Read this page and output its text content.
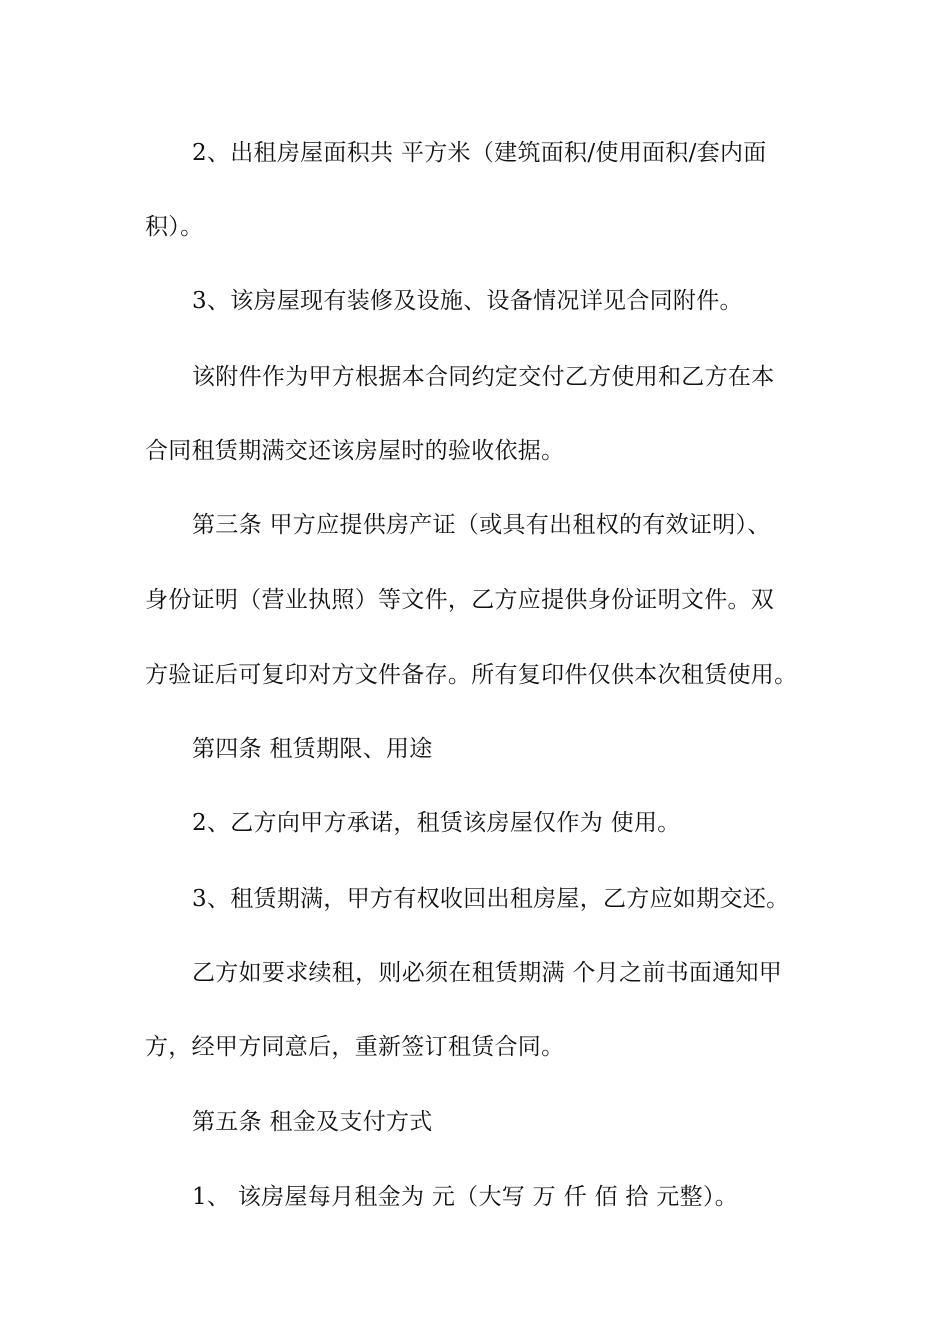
2、出租房屋面积共 平方米（建筑面积/使用面积/套内面
积）。
3、该房屋现有装修及设施、设备情况详见合同附件。
该附件作为甲方根据本合同约定交付乙方使用和乙方在本
合同租赁期满交还该房屋时的验收依据。
第三条 甲方应提供房产证（或具有出租权的有效证明）、
身份证明（营业执照）等文件，乙方应提供身份证明文件。双
方验证后可复印对方文件备存。所有复印件仅供本次租赁使用。
第四条 租赁期限、用途
2、乙方向甲方承诺，租赁该房屋仅作为 使用。
3、租赁期满，甲方有权收回出租房屋，乙方应如期交还。
乙方如要求续租，则必须在租赁期满 个月之前书面通知甲
方，经甲方同意后，重新签订租赁合同。
第五条 租金及支付方式
1、 该房屋每月租金为 元（大写 万 仟 佰 拾 元整）。
